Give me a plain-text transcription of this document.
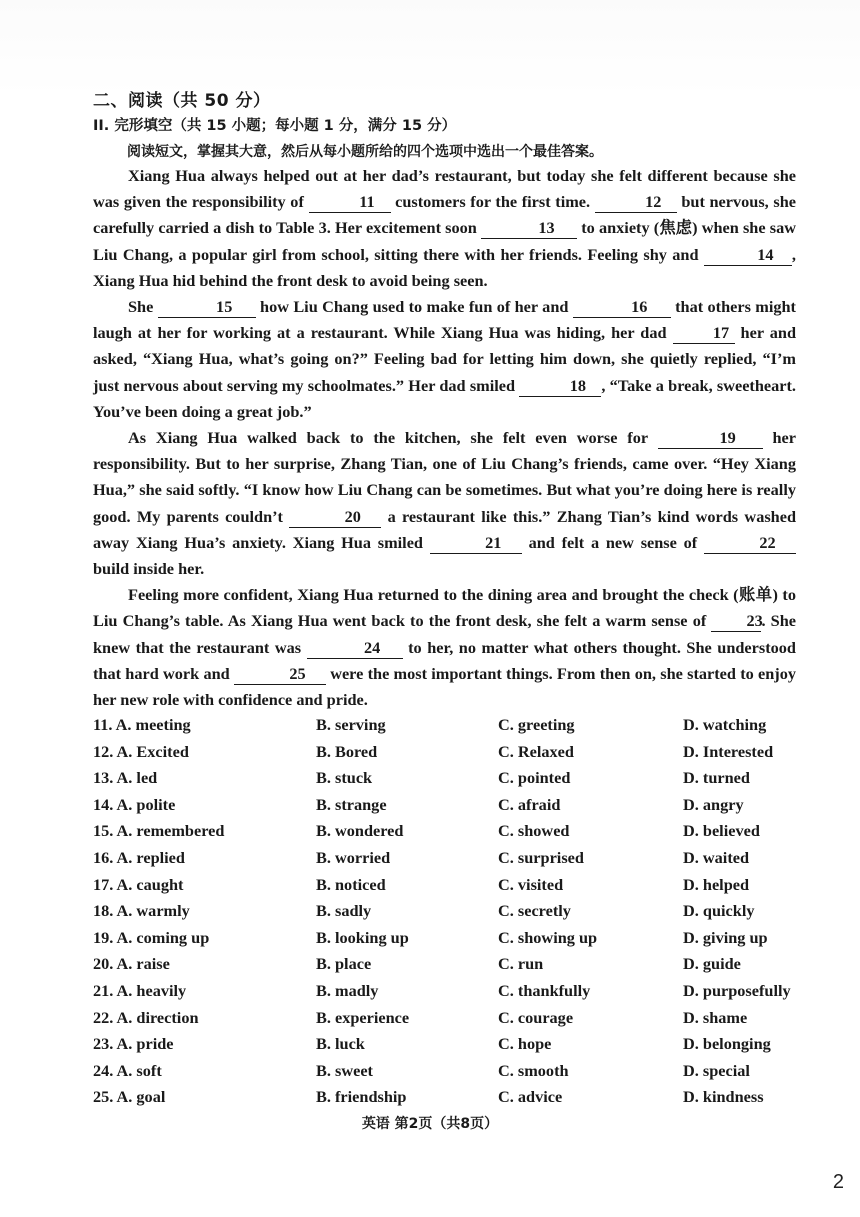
二、阅读（共 50 分）
II. 完形填空（共 15 小题；每小题 1 分，满分 15 分）
阅读短文，掌握其大意，然后从每小题所给的四个选项中选出一个最佳答案。

Xiang Hua always helped out at her dad’s restaurant, but today she felt different because she was given the responsibility of	11 customers for the first time.	12 but nervous, she carefully carried a dish to Table 3. Her excitement soon	13 to anxiety (焦虑) when she saw Liu Chang, a popular girl from school, sitting there with her friends. Feeling shy and	14 , Xiang Hua hid behind the front desk to avoid being seen.

She	15 how Liu Chang used to make fun of her and	16 that others might laugh at her for working at a restaurant. While Xiang Hua was hiding, her dad	17 her and asked, “Xiang Hua, what’s going on?” Feeling bad for letting him down, she quietly replied, “I’m just nervous about serving my schoolmates.” Her dad smiled	18 , “Take a break, sweetheart. You’ve been doing a great job.”

As Xiang Hua walked back to the kitchen, she felt even worse for	19 her responsibility. But to her surprise, Zhang Tian, one of Liu Chang’s friends, came over. “Hey Xiang Hua,” she said softly. “I know how Liu Chang can be sometimes. But what you’re doing here is really good. My parents couldn’t	20 a restaurant like this.” Zhang Tian’s kind words washed away Xiang Hua’s anxiety. Xiang Hua smiled	21 and felt a new sense of	22 build inside her.

Feeling more confident, Xiang Hua returned to the dining area and brought the check (账单) to Liu Chang’s table. As Xiang Hua went back to the front desk, she felt a warm sense of 23. She knew that the restaurant was	24 to her, no matter what others thought. She understood that hard work and	25 were the most important things. From then on, she started to enjoy her new role with confidence and pride.

11. A. meeting	B. serving	C. greeting	D. watching
12. A. Excited	B. Bored	C. Relaxed	D. Interested
13. A. led	B. stuck	C. pointed	D. turned
14. A. polite	B. strange	C. afraid	D. angry
15. A. remembered	B. wondered	C. showed	D. believed
16. A. replied	B. worried	C. surprised	D. waited
17. A. caught	B. noticed	C. visited	D. helped
18. A. warmly	B. sadly	C. secretly	D. quickly
19. A. coming up	B. looking up	C. showing up	D. giving up
20. A. raise	B. place	C. run	D. guide
21. A. heavily	B. madly	C. thankfully	D. purposefully
22. A. direction	B. experience	C. courage	D. shame
23. A. pride	B. luck	C. hope	D. belonging
24. A. soft	B. sweet	C. smooth	D. special
25. A. goal	B. friendship	C. advice	D. kindness
英语 第2页（共8页）
2
